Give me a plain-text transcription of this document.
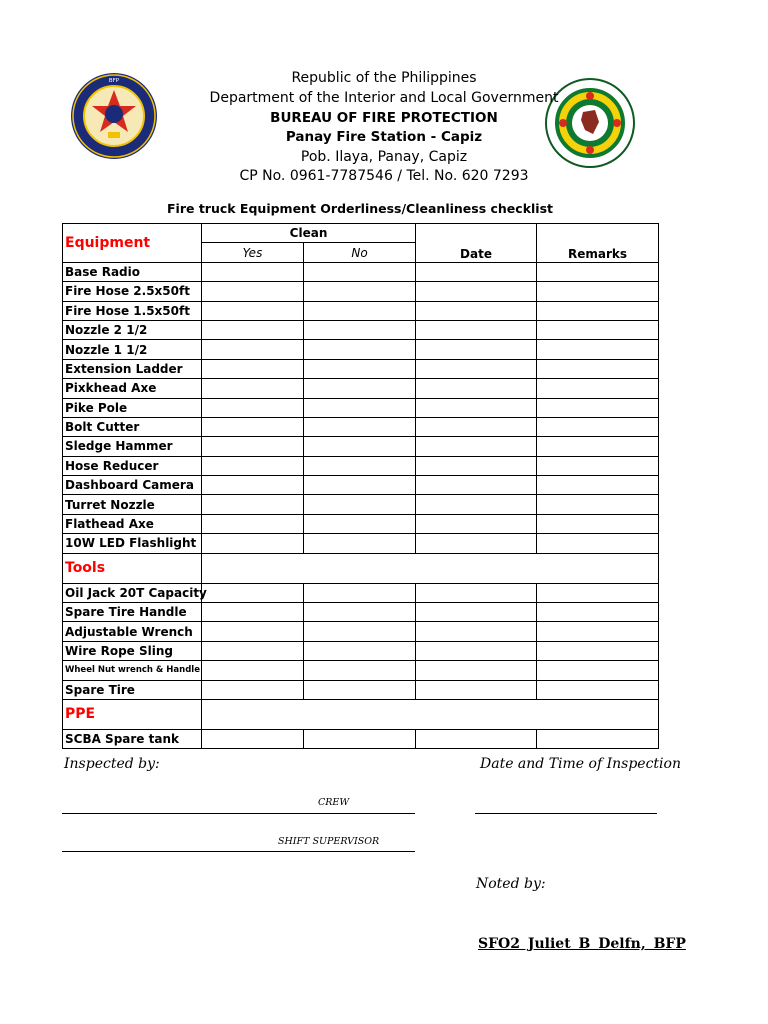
BFP	Republic of the Philippines
Department of the Interior and Local Government
BUREAU OF FIRE PROTECTION
Panay Fire Station - Capiz
Pob. Ilaya, Panay, Capiz
CP No. 0961-7787546 / Tel. No. 620 7293
Fire truck Equipment Orderliness/Cleanliness checklist
Equipment	Clean		Date	Remarks
	Yes	No		
Base Radio				
Fire Hose 2.5x50ft				
Fire Hose 1.5x50ft				
Nozzle 2 1/2				
Nozzle 1 1/2				
Extension Ladder				
Pixkhead Axe				
Pike Pole				
Bolt Cutter				
Sledge Hammer				
Hose Reducer				
Dashboard Camera				
Turret Nozzle				
Flathead Axe				
10W LED Flashlight				
Tools				
Oil Jack 20T Capacity				
Spare Tire Handle				
Adjustable Wrench				
Wire Rope Sling				
Wheel Nut wrench & Handle				
Spare Tire				
PPE				
SCBA Spare tank				
Inspected by:	Date and Time of Inspection
CREW
SHIFT SUPERVISOR
Noted by:
SFO2 Juliet B Delfn, BFP
